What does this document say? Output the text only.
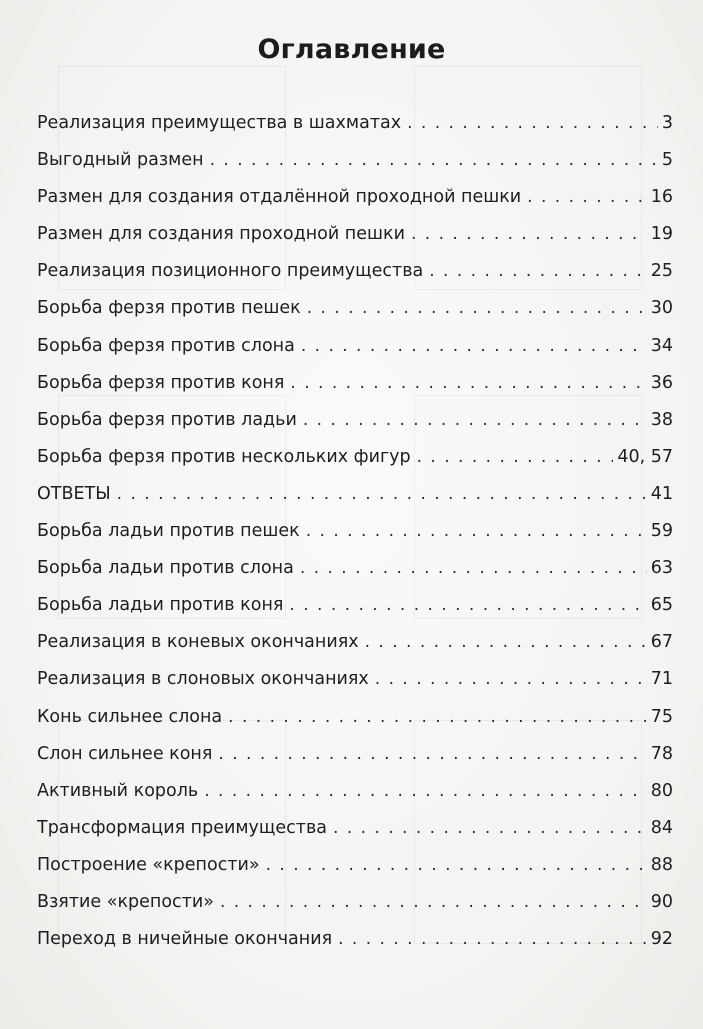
Оглавление
Реализация преимущества в шахматах . . .	3
Выгодный размен . . .	5
Размен для создания отдалённой проходной пешки . . .	16
Размен для создания проходной пешки . . .	19
Реализация позиционного преимущества . . .	25
Борьба ферзя против пешек . . .	30
Борьба ферзя против слона . . .	34
Борьба ферзя против коня . . .	36
Борьба ферзя против ладьи . . .	38
Борьба ферзя против нескольких фигур . . .	40, 57
ОТВЕТЫ . . .	41
Борьба ладьи против пешек . . .	59
Борьба ладьи против слона . . .	63
Борьба ладьи против коня . . .	65
Реализация в коневых окончаниях . . .	67
Реализация в слоновых окончаниях . . .	71
Конь сильнее слона . . .	75
Слон сильнее коня . . .	78
Активный король . . .	80
Трансформация преимущества . . .	84
Построение «крепости» . . .	88
Взятие «крепости» . . .	90
Переход в ничейные окончания . . .	92
